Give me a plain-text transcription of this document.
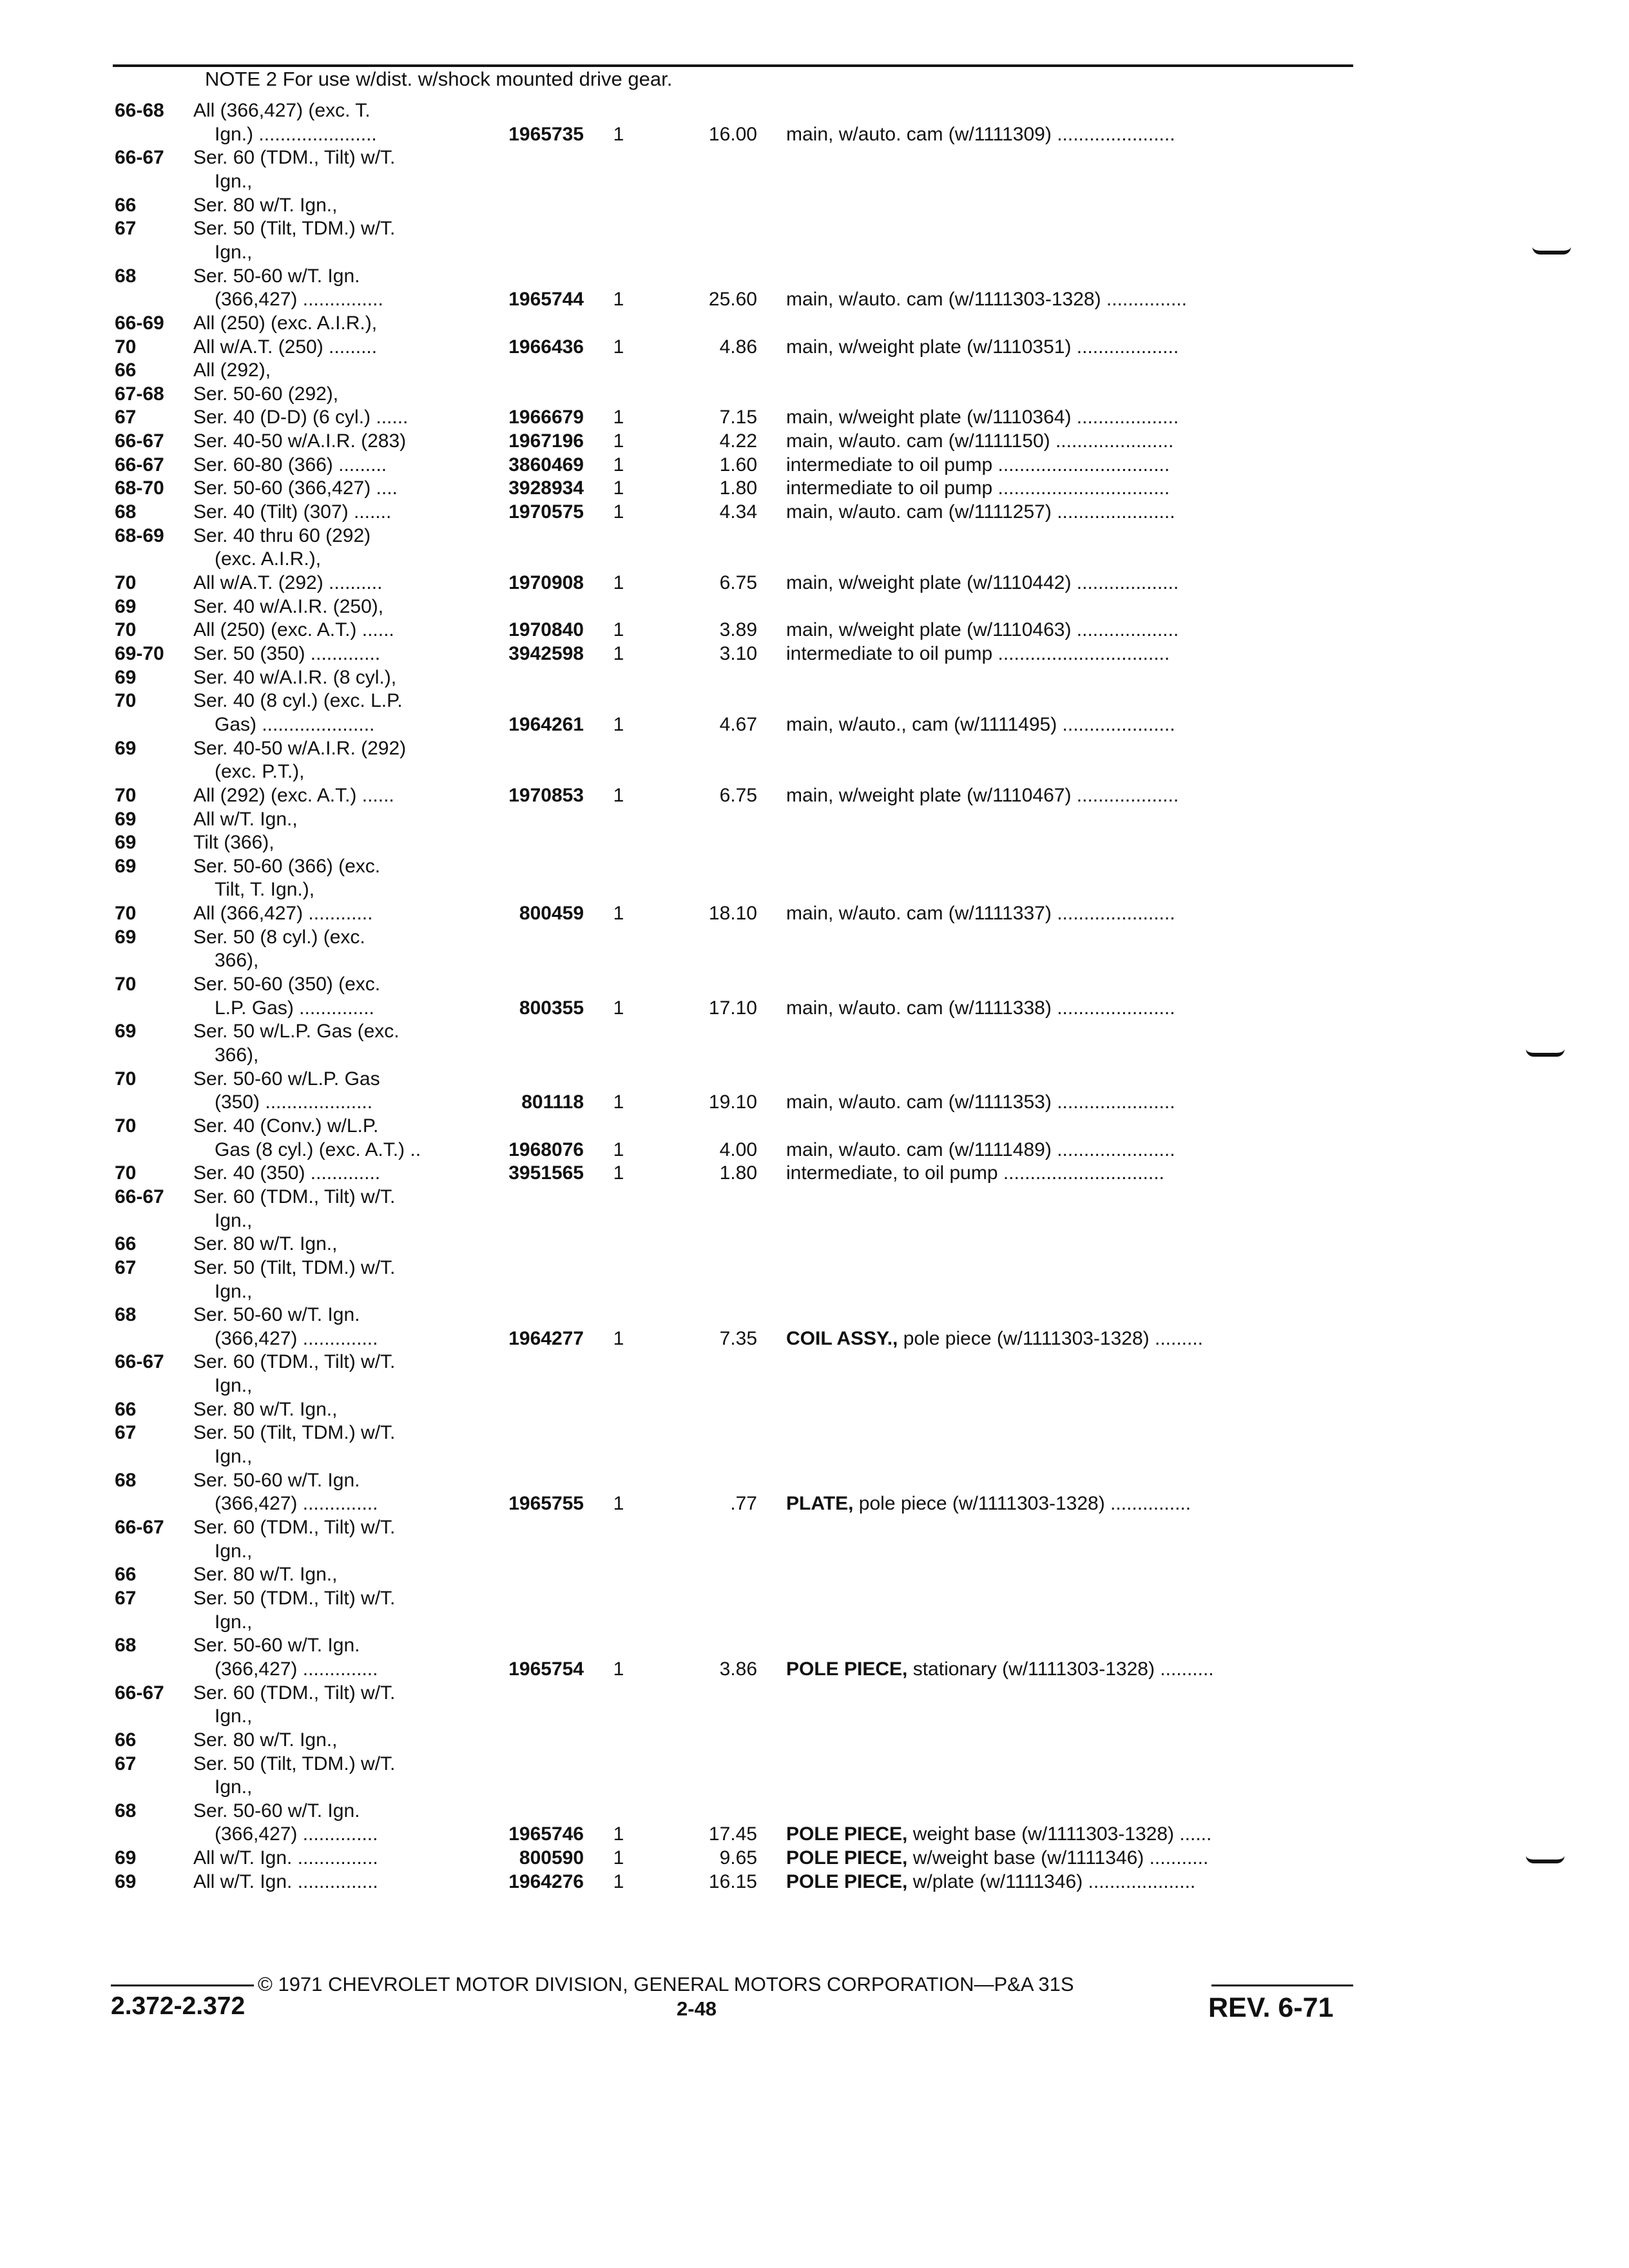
NOTE 2 For use w/dist. w/shock mounted drive gear.
66-68	All (366,427) (exc. T.
Ign.) ......................	1965735	1	16.00 main, w/auto. cam (w/1111309) ......................
66-67	Ser. 60 (TDM., Tilt) w/T.
Ign.,
66	Ser. 80 w/T. Ign.,
67	Ser. 50 (Tilt, TDM.) w/T.
Ign.,
68	Ser. 50-60 w/T. Ign.
(366,427) ...............	1965744	1	25.60 main, w/auto. cam (w/1111303-1328) ...............
66-69	All (250) (exc. A.I.R.),
70	All w/A.T. (250) .........	1966436	1	4.86 main, w/weight plate (w/1110351) ...................
66	All (292),
67-68	Ser. 50-60 (292),
67	Ser. 40 (D-D) (6 cyl.) ......	1966679	1	7.15 main, w/weight plate (w/1110364) ...................
66-67	Ser. 40-50 w/A.I.R. (283)	1967196	1	4.22 main, w/auto. cam (w/1111150) ......................
66-67	Ser. 60-80 (366) .........	3860469	1	1.60 intermediate to oil pump ................................
68-70	Ser. 50-60 (366,427) ....	3928934	1	1.80 intermediate to oil pump ................................
68	Ser. 40 (Tilt) (307) .......	1970575	1	4.34 main, w/auto. cam (w/1111257) ......................
68-69	Ser. 40 thru 60 (292)
(exc. A.I.R.),
70	All w/A.T. (292) ..........	1970908	1	6.75 main, w/weight plate (w/1110442) ...................
69	Ser. 40 w/A.I.R. (250),
70	All (250) (exc. A.T.) ......	1970840	1	3.89 main, w/weight plate (w/1110463) ...................
69-70	Ser. 50 (350) .............	3942598	1	3.10 intermediate to oil pump ................................
69	Ser. 40 w/A.I.R. (8 cyl.),
70	Ser. 40 (8 cyl.) (exc. L.P.
Gas) .....................	1964261	1	4.67 main, w/auto., cam (w/1111495) .....................
69	Ser. 40-50 w/A.I.R. (292)
(exc. P.T.),
70	All (292) (exc. A.T.) ......	1970853	1	6.75 main, w/weight plate (w/1110467) ...................
69	All w/T. Ign.,
69	Tilt (366),
69	Ser. 50-60 (366) (exc.
Tilt, T. Ign.),
70	All (366,427) ............	800459	1	18.10 main, w/auto. cam (w/1111337) ......................
69	Ser. 50 (8 cyl.) (exc.
366),
70	Ser. 50-60 (350) (exc.
L.P. Gas) ..............	800355	1	17.10 main, w/auto. cam (w/1111338) ......................
69	Ser. 50 w/L.P. Gas (exc.
366),
70	Ser. 50-60 w/L.P. Gas
(350) ....................	801118	1	19.10 main, w/auto. cam (w/1111353) ......................
70	Ser. 40 (Conv.) w/L.P.
Gas (8 cyl.) (exc. A.T.) ..	1968076	1	4.00 main, w/auto. cam (w/1111489) ......................
70	Ser. 40 (350) .............	3951565	1	1.80 intermediate, to oil pump ..............................
66-67	Ser. 60 (TDM., Tilt) w/T.
Ign.,
66	Ser. 80 w/T. Ign.,
67	Ser. 50 (Tilt, TDM.) w/T.
Ign.,
68	Ser. 50-60 w/T. Ign.
(366,427) ..............	1964277	1	7.35 COIL ASSY., pole piece (w/1111303-1328) .........
66-67	Ser. 60 (TDM., Tilt) w/T.
Ign.,
66	Ser. 80 w/T. Ign.,
67	Ser. 50 (Tilt, TDM.) w/T.
Ign.,
68	Ser. 50-60 w/T. Ign.
(366,427) ..............	1965755	1	.77 PLATE, pole piece (w/1111303-1328) ...............
66-67	Ser. 60 (TDM., Tilt) w/T.
Ign.,
66	Ser. 80 w/T. Ign.,
67	Ser. 50 (TDM., Tilt) w/T.
Ign.,
68	Ser. 50-60 w/T. Ign.
(366,427) ..............	1965754	1	3.86 POLE PIECE, stationary (w/1111303-1328) ..........
66-67	Ser. 60 (TDM., Tilt) w/T.
Ign.,
66	Ser. 80 w/T. Ign.,
67	Ser. 50 (Tilt, TDM.) w/T.
Ign.,
68	Ser. 50-60 w/T. Ign.
(366,427) ..............	1965746	1	17.45 POLE PIECE, weight base (w/1111303-1328) ......
69	All w/T. Ign. ...............	800590	1	9.65 POLE PIECE, w/weight base (w/1111346) ...........
69	All w/T. Ign. ...............	1964276	1	16.15 POLE PIECE, w/plate (w/1111346) ....................
© 1971 CHEVROLET MOTOR DIVISION, GENERAL MOTORS CORPORATION—P&A 31S
2.372-2.372	2-48	REV. 6-71
